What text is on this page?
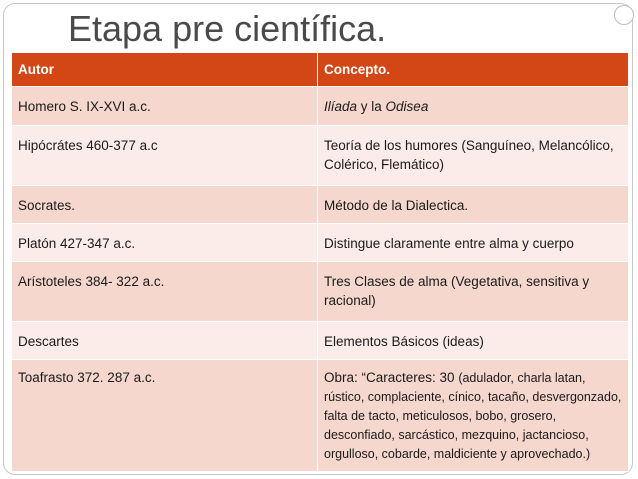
Etapa pre científica.
Autor	Concepto.
Homero S. IX-XVI a.c.	Ilíada y la Odisea
Hipócrátes 460-377 a.c	Teoría de los humores (Sanguíneo, Melancólico, Colérico, Flemático)
Socrates.	Método de la Dialectica.
Platón 427-347 a.c.	Distingue claramente entre alma y cuerpo
Arístoteles 384- 322 a.c.	Tres Clases de alma (Vegetativa, sensitiva y racional)
Descartes	Elementos Básicos (ideas)
Toafrasto 372. 287 a.c.	Obra: “Caracteres: 30 (adulador, charla latan, rústico, complaciente, cínico, tacaño, desvergonzado, falta de tacto, meticulosos, bobo, grosero, desconfiado, sarcástico, mezquino, jactancioso, orgulloso, cobarde, maldiciente y aprovechado.)
